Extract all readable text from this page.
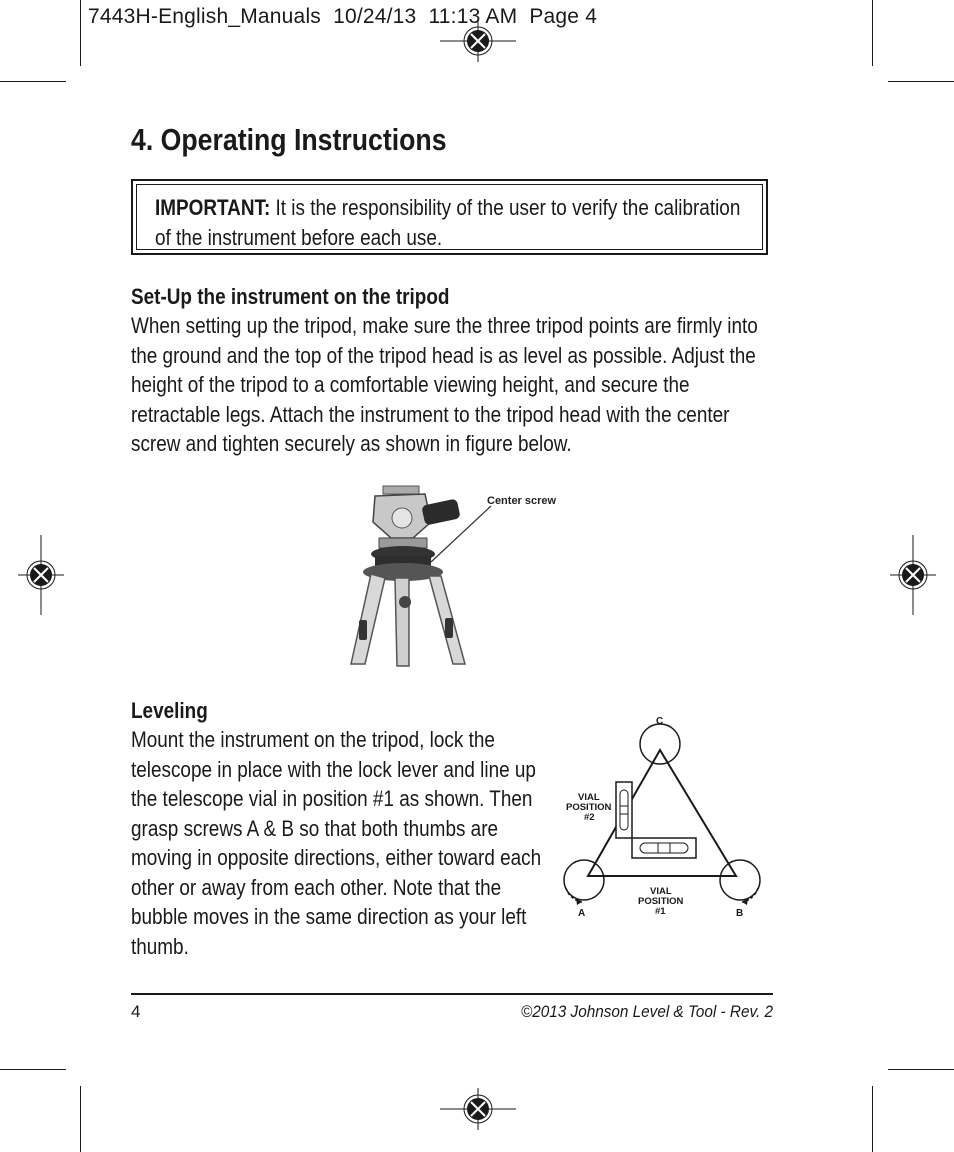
7443H-English_Manuals  10/24/13  11:13 AM  Page 4
4. Operating Instructions

IMPORTANT: It is the responsibility of the user to verify the calibration of the instrument before each use.

Set-Up the instrument on the tripod

When setting up the tripod, make sure the three tripod points are firmly into the ground and the top of the tripod head is as level as possible. Adjust the height of the tripod to a comfortable viewing height, and secure the retractable legs. Attach the instrument to the tripod head with the center screw and tighten securely as shown in figure below.

Center screw

Leveling

Mount the instrument on the tripod, lock the telescope in place with the lock lever and line up the telescope vial in position #1 as shown. Then grasp screws A & B so that both thumbs are moving in opposite directions, either toward each other or away from each other. Note that the bubble moves in the same direction as your left thumb.

C
A	B
VIAL
POSITION
#2
VIAL
POSITION
#1
4	©2013 Johnson Level & Tool - Rev. 2
